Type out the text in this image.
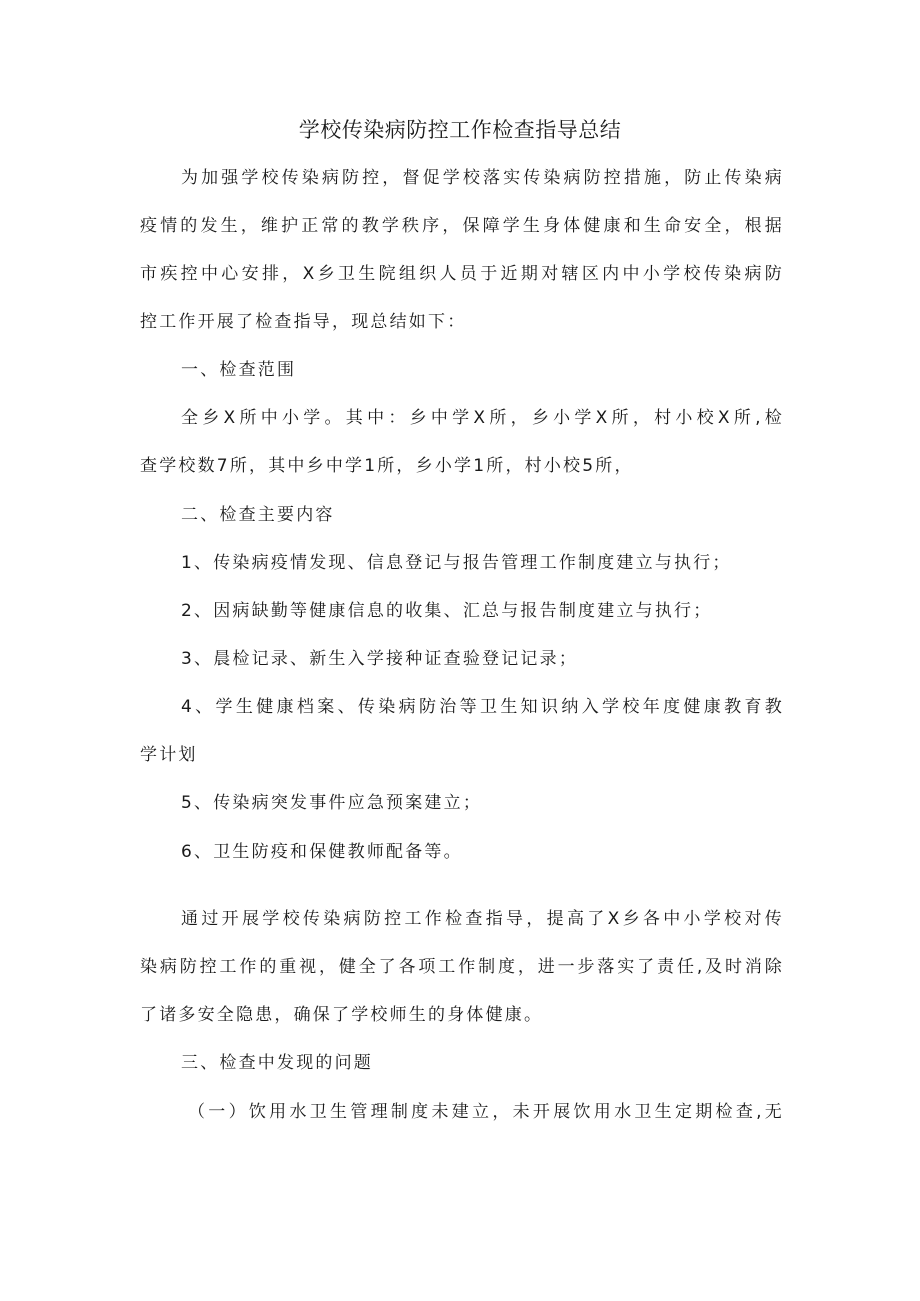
学校传染病防控工作检查指导总结

为加强学校传染病防控，督促学校落实传染病防控措施，防止传染病

疫情的发生，维护正常的教学秩序，保障学生身体健康和生命安全，根据

市疾控中心安排，X乡卫生院组织人员于近期对辖区内中小学校传染病防

控工作开展了检查指导，现总结如下：

一、检查范围

全乡X所中小学。其中：乡中学X所，乡小学X所，村小校X所,检

查学校数7所，其中乡中学1所，乡小学1所，村小校5所，

二、检查主要内容

1、传染病疫情发现、信息登记与报告管理工作制度建立与执行；

2、因病缺勤等健康信息的收集、汇总与报告制度建立与执行；

3、晨检记录、新生入学接种证查验登记记录；

4、学生健康档案、传染病防治等卫生知识纳入学校年度健康教育教

学计划

5、传染病突发事件应急预案建立；

6、卫生防疫和保健教师配备等。

通过开展学校传染病防控工作检查指导，提高了X乡各中小学校对传

染病防控工作的重视，健全了各项工作制度，进一步落实了责任,及时消除

了诸多安全隐患，确保了学校师生的身体健康。

三、检查中发现的问题

（一）饮用水卫生管理制度未建立，未开展饮用水卫生定期检查,无
